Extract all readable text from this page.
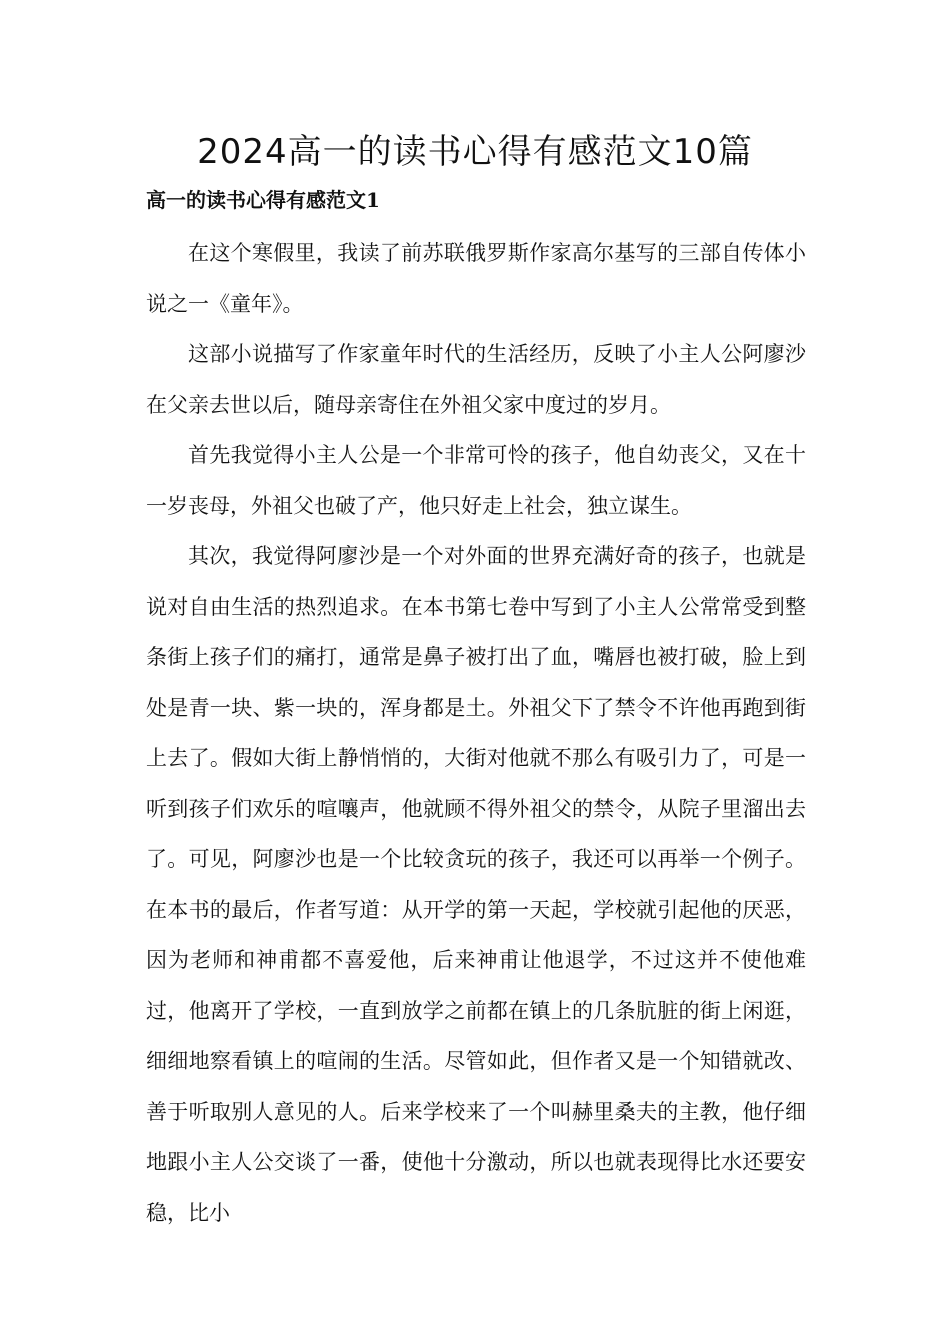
2024高一的读书心得有感范文10篇
高一的读书心得有感范文1

在这个寒假里，我读了前苏联俄罗斯作家高尔基写的三部自传体小说之一《童年》。

这部小说描写了作家童年时代的生活经历，反映了小主人公阿廖沙在父亲去世以后，随母亲寄住在外祖父家中度过的岁月。

首先我觉得小主人公是一个非常可怜的孩子，他自幼丧父，又在十一岁丧母，外祖父也破了产，他只好走上社会，独立谋生。

其次，我觉得阿廖沙是一个对外面的世界充满好奇的孩子，也就是说对自由生活的热烈追求。在本书第七卷中写到了小主人公常常受到整条街上孩子们的痛打，通常是鼻子被打出了血，嘴唇也被打破，脸上到处是青一块、紫一块的，浑身都是土。外祖父下了禁令不许他再跑到街上去了。假如大街上静悄悄的，大街对他就不那么有吸引力了，可是一听到孩子们欢乐的喧嚷声，他就顾不得外祖父的禁令，从院子里溜出去了。可见，阿廖沙也是一个比较贪玩的孩子，我还可以再举一个例子。在本书的最后，作者写道：从开学的第一天起，学校就引起他的厌恶，因为老师和神甫都不喜爱他，后来神甫让他退学，不过这并不使他难过，他离开了学校，一直到放学之前都在镇上的几条肮脏的街上闲逛，细细地察看镇上的喧闹的生活。尽管如此，但作者又是一个知错就改、善于听取别人意见的人。后来学校来了一个叫赫里桑夫的主教，他仔细地跟小主人公交谈了一番，使他十分激动，所以也就表现得比水还要安稳，比小
